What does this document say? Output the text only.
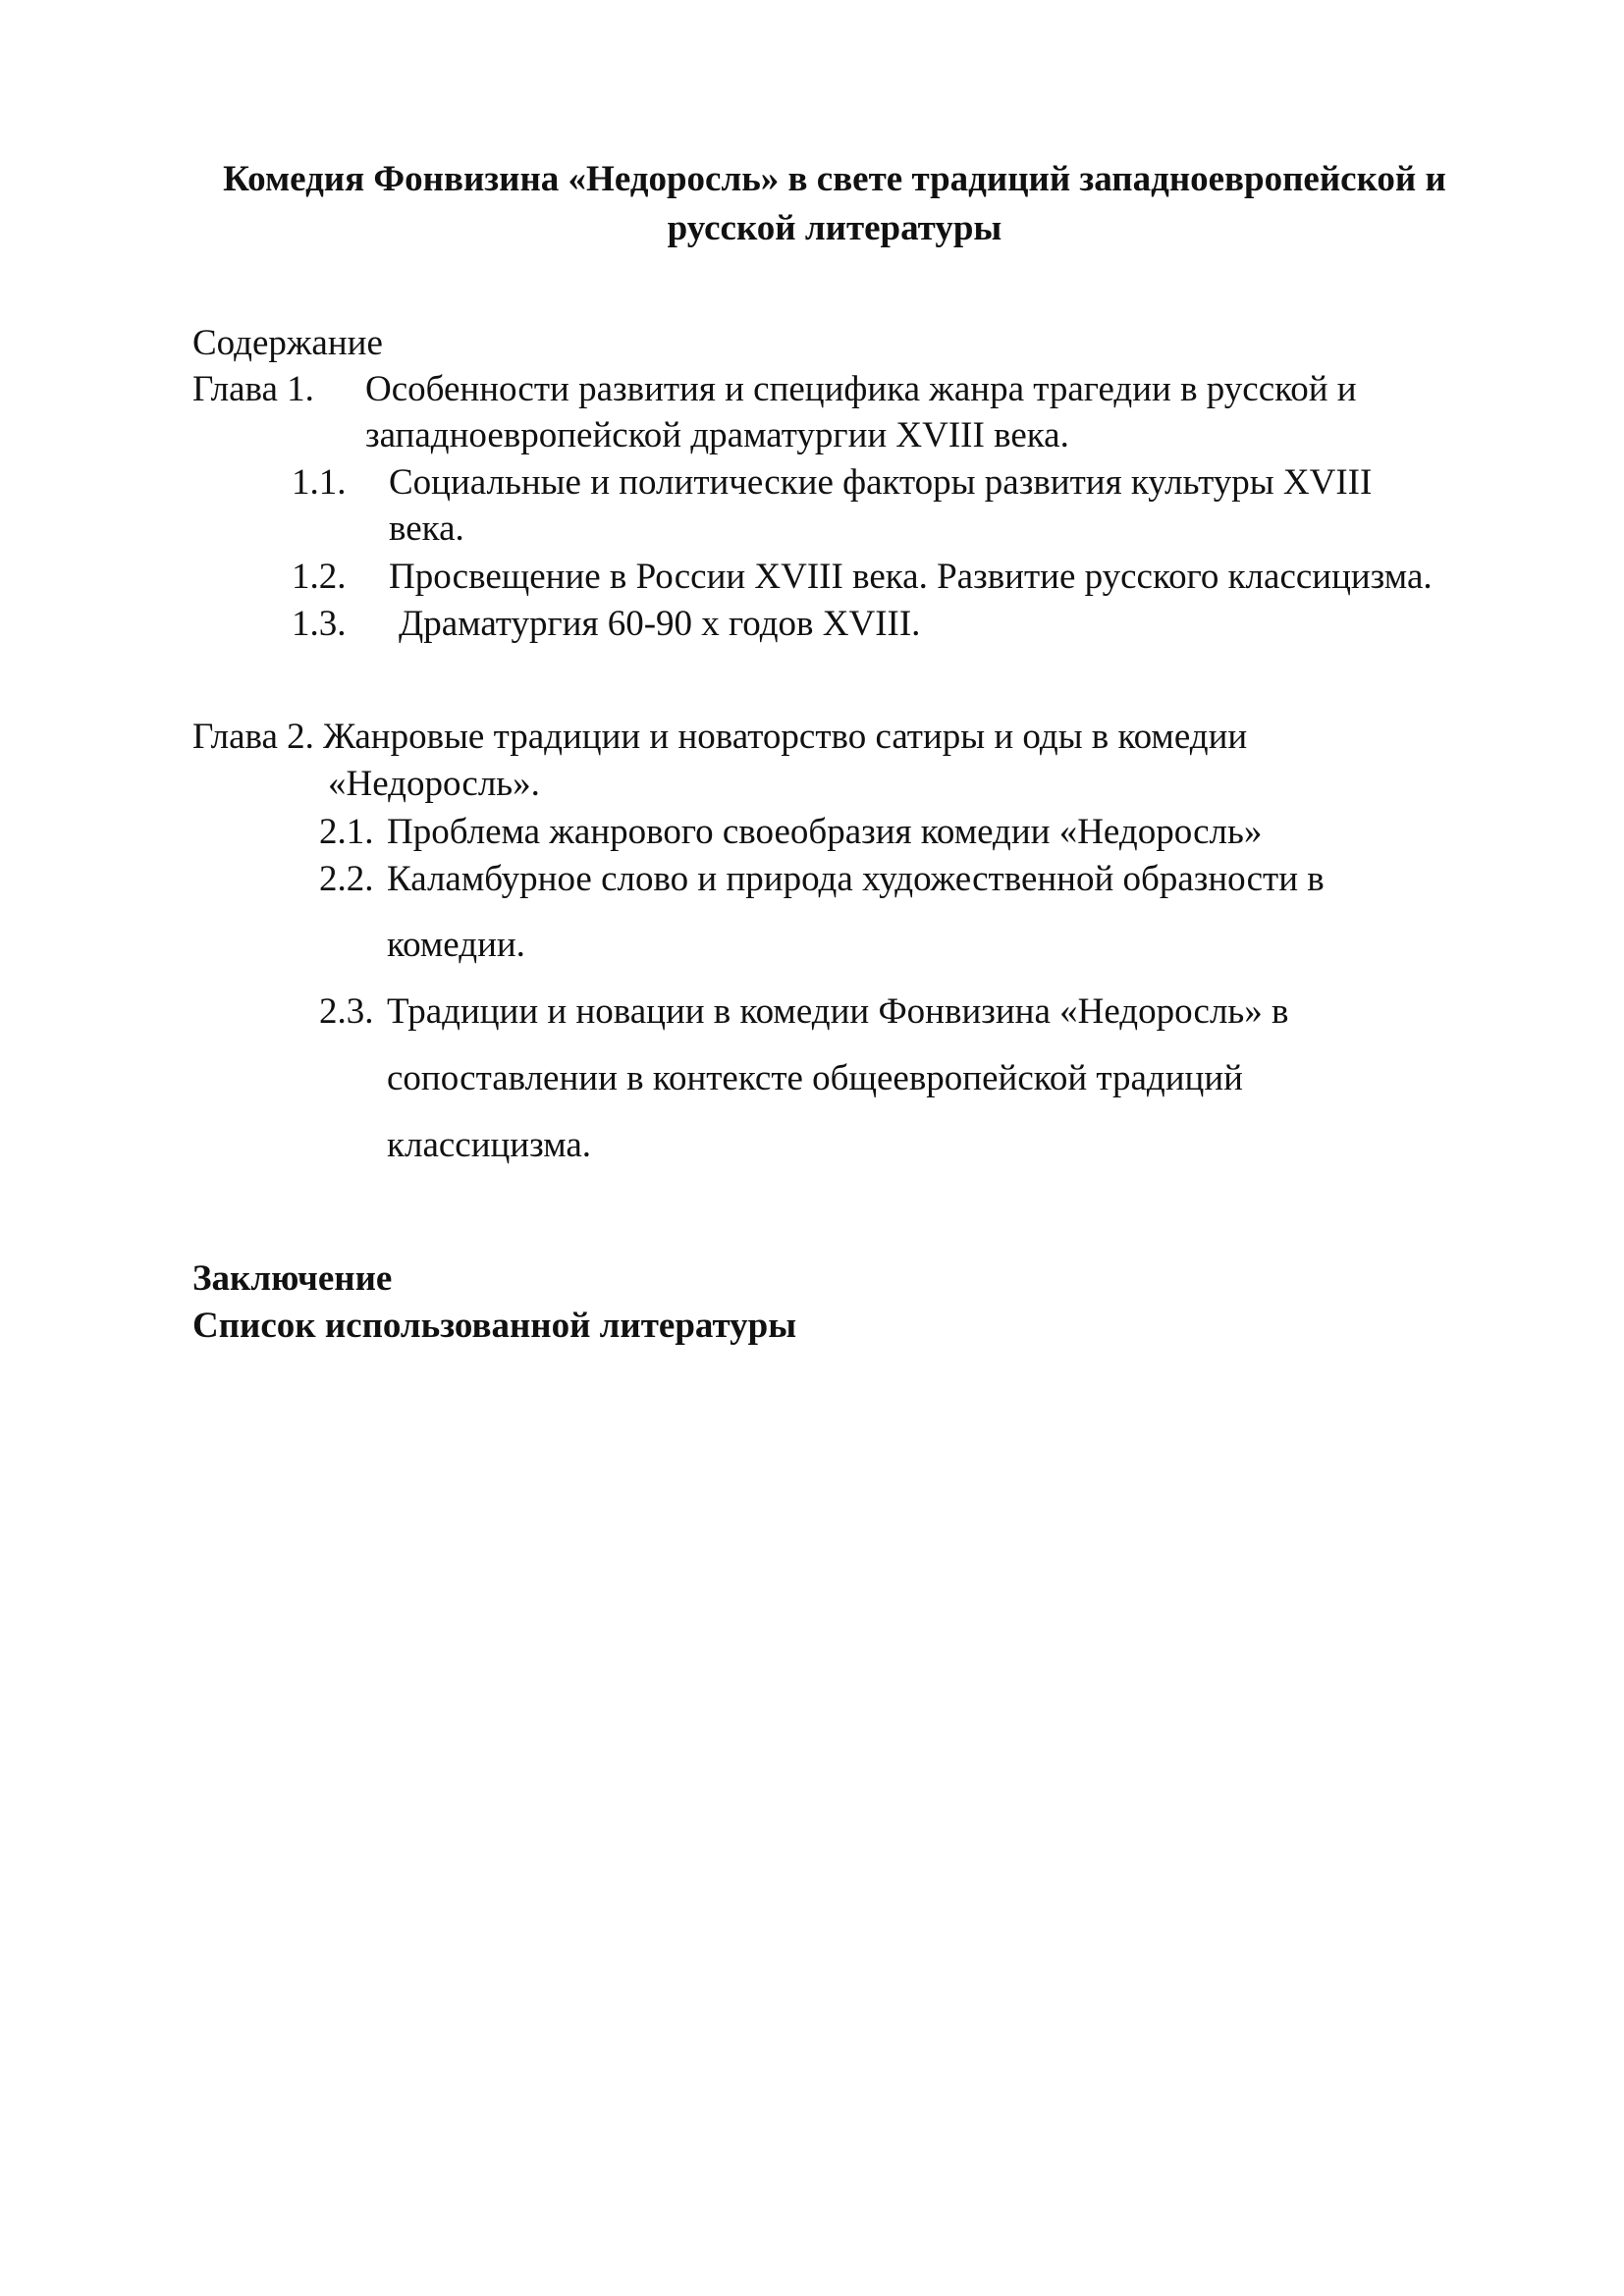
Комедия Фонвизина «Недоросль» в свете традиций западноевропейской и
русской литературы
Содержание
Глава 1. Особенности развития и специфика жанра трагедии в русской и
западноевропейской драматургии XVIII века.
1.1. Социальные и политические факторы развития культуры XVIII
века.
1.2. Просвещение в России XVIII века. Развитие русского классицизма.
1.3. Драматургия 60-90 х годов XVIII.
Глава 2. Жанровые традиции и новаторство сатиры и оды в комедии
«Недоросль».
2.1. Проблема жанрового своеобразия комедии «Недоросль»
2.2. Каламбурное слово и природа художественной образности в
комедии.
2.3. Традиции и новации в комедии Фонвизина «Недоросль» в
сопоставлении в контексте общеевропейской традиций
классицизма.
Заключение
Список использованной литературы
